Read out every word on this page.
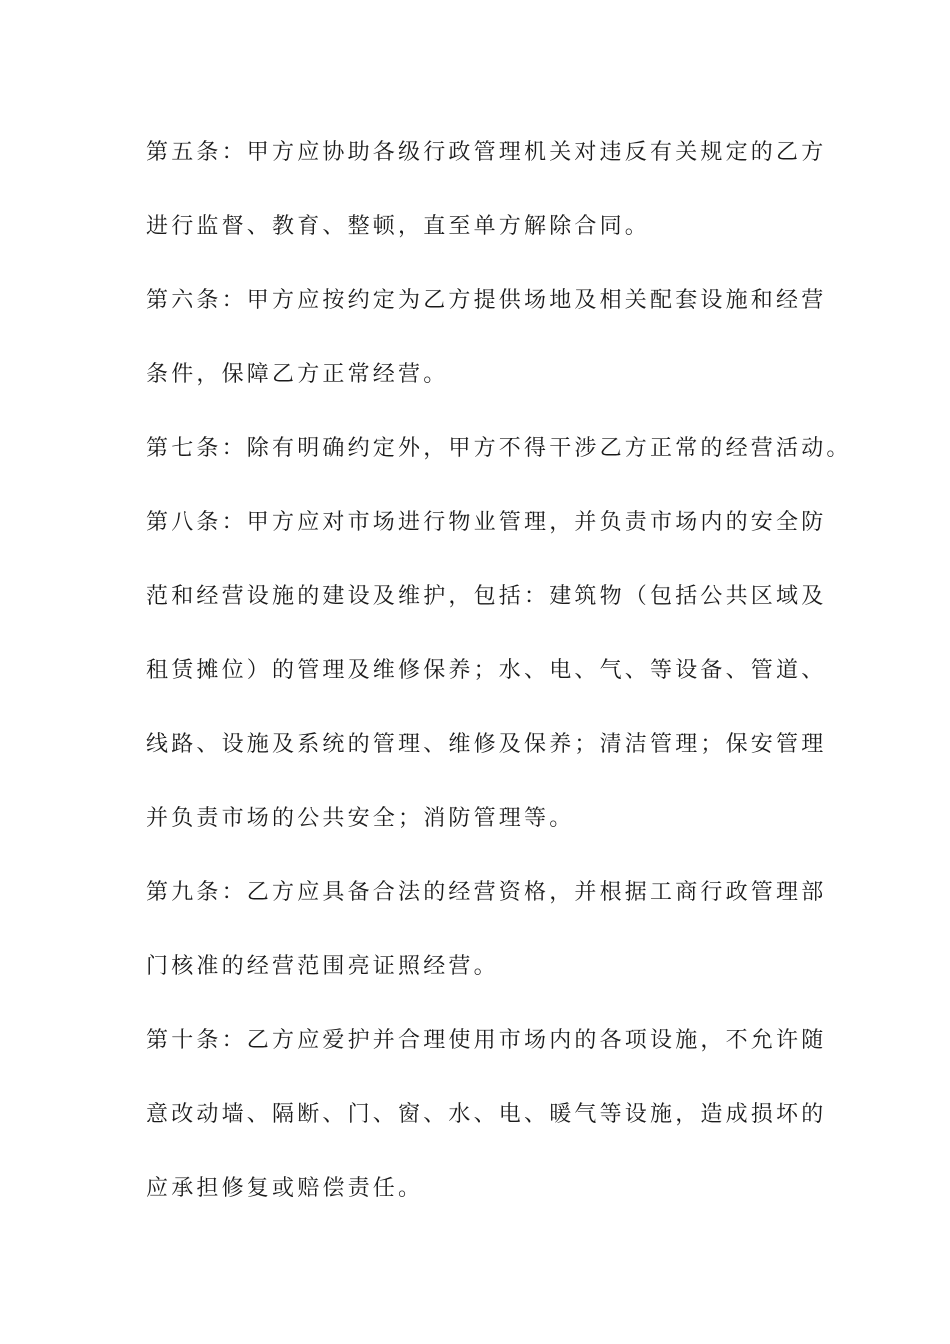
第五条：甲方应协助各级行政管理机关对违反有关规定的乙方
进行监督、教育、整顿，直至单方解除合同。
第六条：甲方应按约定为乙方提供场地及相关配套设施和经营
条件，保障乙方正常经营。
第七条：除有明确约定外，甲方不得干涉乙方正常的经营活动。
第八条：甲方应对市场进行物业管理，并负责市场内的安全防
范和经营设施的建设及维护，包括：建筑物（包括公共区域及
租赁摊位）的管理及维修保养；水、电、气、等设备、管道、
线路、设施及系统的管理、维修及保养；清洁管理；保安管理
并负责市场的公共安全；消防管理等。
第九条：乙方应具备合法的经营资格，并根据工商行政管理部
门核准的经营范围亮证照经营。
第十条：乙方应爱护并合理使用市场内的各项设施，不允许随
意改动墙、隔断、门、窗、水、电、暖气等设施，造成损坏的
应承担修复或赔偿责任。
